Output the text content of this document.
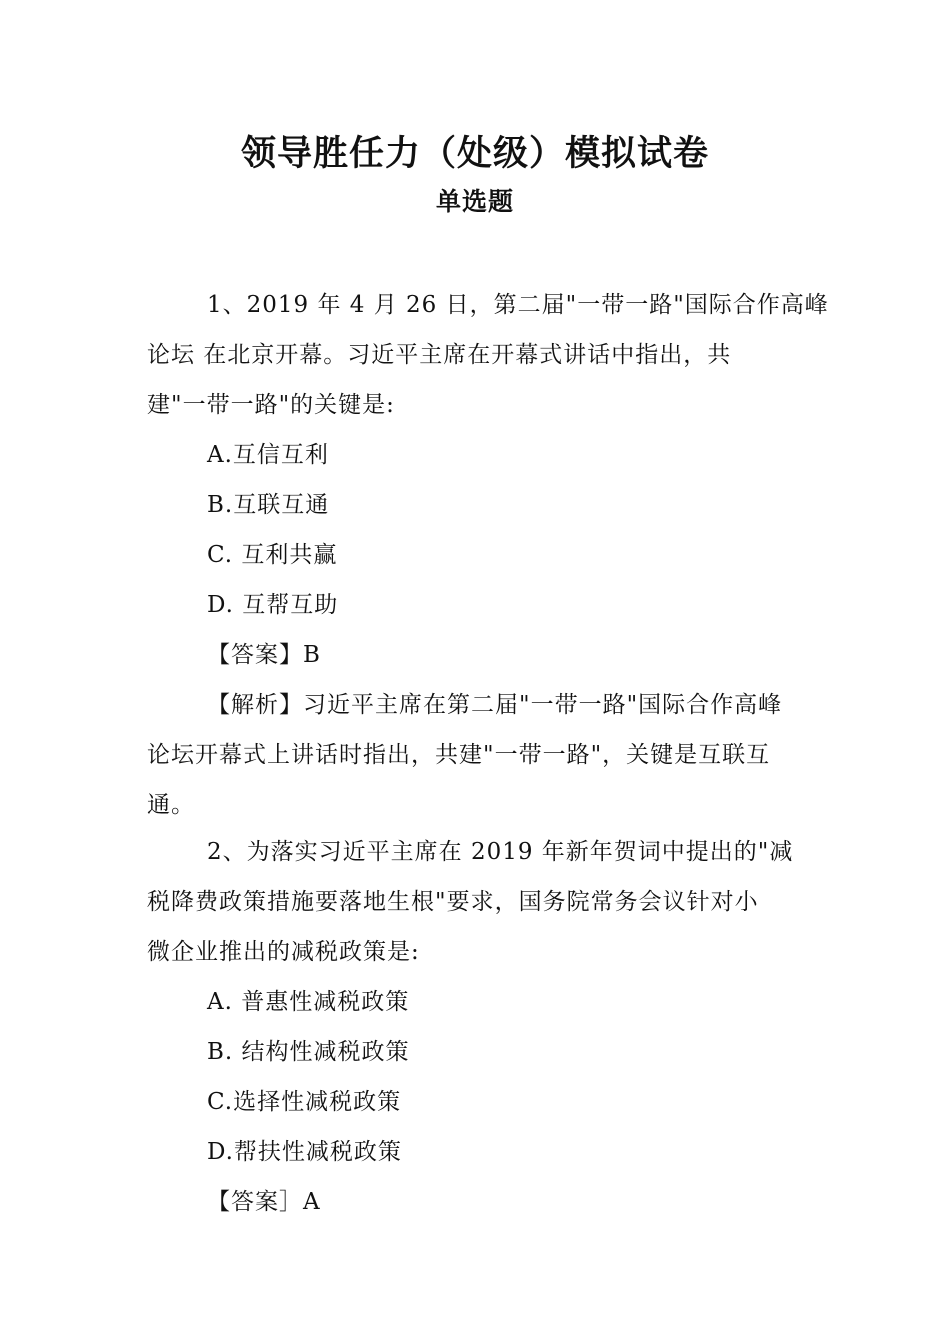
领导胜任力（处级）模拟试卷
单选题
1、2019 年 4 月 26 日，第二届"一带一路"国际合作高峰
论坛 在北京开幕。习近平主席在开幕式讲话中指出，共
建"一带一路"的关键是:
A.互信互利
B.互联互通
C. 互利共赢
D. 互帮互助
【答案】B
【解析】习近平主席在第二届"一带一路"国际合作高峰
论坛开幕式上讲话时指出，共建"一带一路"，关键是互联互
通。
2、为落实习近平主席在 2019 年新年贺词中提出的"减
税降费政策措施要落地生根"要求，国务院常务会议针对小
微企业推出的减税政策是:
A. 普惠性减税政策
B. 结构性减税政策
C.选择性减税政策
D.帮扶性减税政策
【答案］A
